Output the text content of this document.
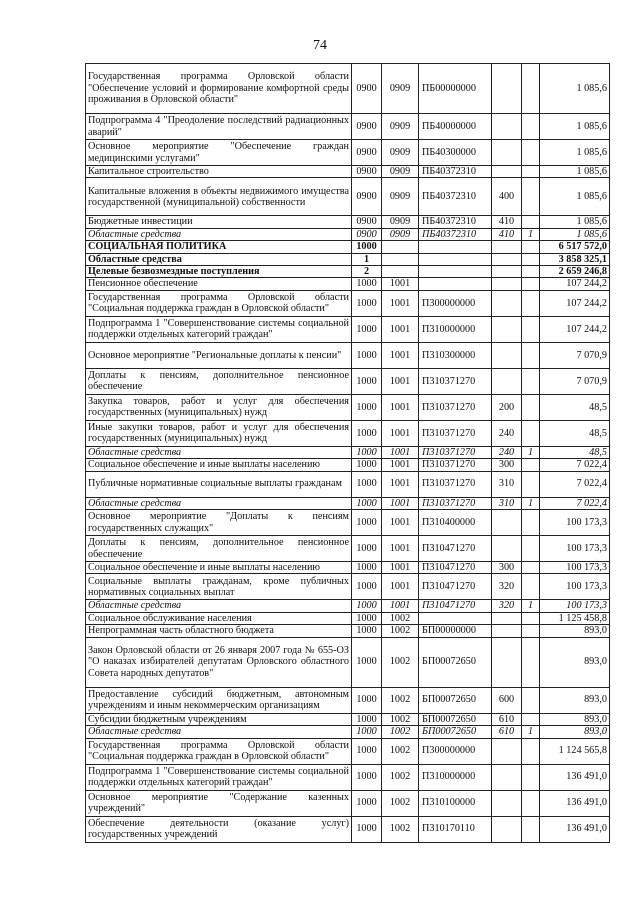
74
Государственная программа Орловской области "Обеспечение условий и формирование комфортной среды проживания в Орловской области"	0900	0909	ПБ00000000			1 085,6
Подпрограмма 4 "Преодоление последствий радиационных аварий"	0900	0909	ПБ40000000			1 085,6
Основное мероприятие "Обеспечение граждан медицинскими услугами"	0900	0909	ПБ40300000			1 085,6
Капитальное строительство	0900	0909	ПБ40372310			1 085,6
Капитальные вложения в объекты недвижимого имущества государственной (муниципальной) собственности	0900	0909	ПБ40372310	400		1 085,6
Бюджетные инвестиции	0900	0909	ПБ40372310	410		1 085,6
Областные средства	0900	0909	ПБ40372310	410	1	1 085,6
СОЦИАЛЬНАЯ ПОЛИТИКА	1000					6 517 572,0
Областные средства	1					3 858 325,1
Целевые безвозмездные поступления	2					2 659 246,8
Пенсионное обеспечение	1000	1001				107 244,2
Государственная программа Орловской области "Социальная поддержка граждан в Орловской области"	1000	1001	П300000000			107 244,2
Подпрограмма 1 "Совершенствование системы социальной поддержки отдельных категорий граждан"	1000	1001	П310000000			107 244,2
Основное мероприятие "Региональные доплаты к пенсии"	1000	1001	П310300000			7 070,9
Доплаты к пенсиям, дополнительное пенсионное обеспечение	1000	1001	П310371270			7 070,9
Закупка товаров, работ и услуг для обеспечения государственных (муниципальных) нужд	1000	1001	П310371270	200		48,5
Иные закупки товаров, работ и услуг для обеспечения государственных (муниципальных) нужд	1000	1001	П310371270	240		48,5
Областные средства	1000	1001	П310371270	240	1	48,5
Социальное обеспечение и иные выплаты населению	1000	1001	П310371270	300		7 022,4
Публичные нормативные социальные выплаты гражданам	1000	1001	П310371270	310		7 022,4
Областные средства	1000	1001	П310371270	310	1	7 022,4
Основное мероприятие "Доплаты к пенсиям государственных служащих"	1000	1001	П310400000			100 173,3
Доплаты к пенсиям, дополнительное пенсионное обеспечение	1000	1001	П310471270			100 173,3
Социальное обеспечение и иные выплаты населению	1000	1001	П310471270	300		100 173,3
Социальные выплаты гражданам, кроме публичных нормативных социальных выплат	1000	1001	П310471270	320		100 173,3
Областные средства	1000	1001	П310471270	320	1	100 173,3
Социальное обслуживание населения	1000	1002				1 125 458,8
Непрограммная часть областного бюджета	1000	1002	БП00000000			893,0
Закон Орловской области от 26 января 2007 года № 655-ОЗ "О наказах избирателей депутатам Орловского областного Совета народных депутатов"	1000	1002	БП00072650			893,0
Предоставление субсидий бюджетным, автономным учреждениям и иным некоммерческим организациям	1000	1002	БП00072650	600		893,0
Субсидии бюджетным учреждениям	1000	1002	БП00072650	610		893,0
Областные средства	1000	1002	БП00072650	610	1	893,0
Государственная программа Орловской области "Социальная поддержка граждан в Орловской области"	1000	1002	П300000000			1 124 565,8
Подпрограмма 1 "Совершенствование системы социальной поддержки отдельных категорий граждан"	1000	1002	П310000000			136 491,0
Основное мероприятие "Содержание казенных учреждений"	1000	1002	П310100000			136 491,0
Обеспечение деятельности (оказание услуг) государственных учреждений	1000	1002	П310170110			136 491,0
